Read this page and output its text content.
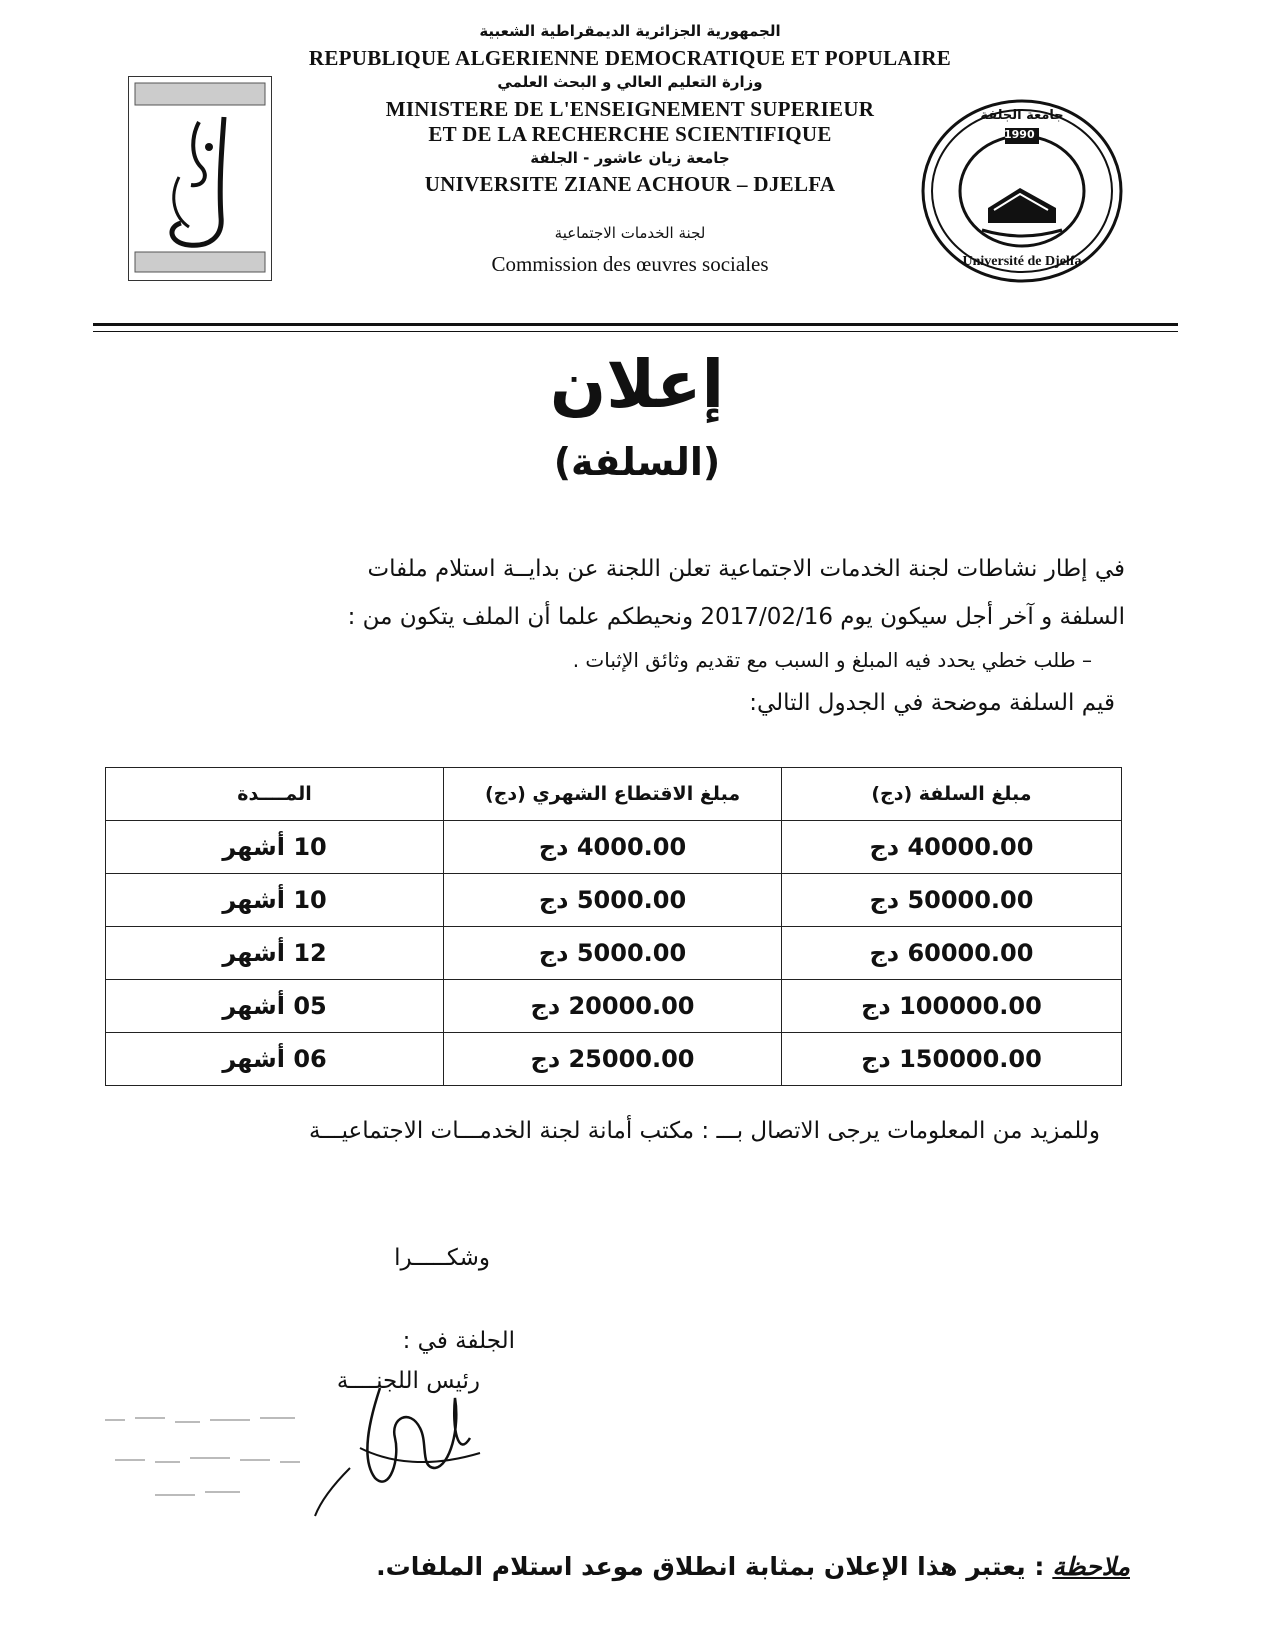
الجمهورية الجزائرية الديمقراطية الشعبية
REPUBLIQUE ALGERIENNE DEMOCRATIQUE ET POPULAIRE
وزارة التعليم العالي و البحث العلمي
MINISTERE DE L'ENSEIGNEMENT SUPERIEUR
ET DE LA RECHERCHE SCIENTIFIQUE
جامعة زيان عاشور - الجلفة
UNIVERSITE ZIANE ACHOUR – DJELFA
لجنة الخدمات الاجتماعية
Commission des œuvres sociales
1990
جامعة الجلفة
Université de Djelfa
إعلان
(السلفة)
في إطار نشاطات لجنة الخدمات الاجتماعية تعلن اللجنة عن بدايــة استلام ملفات
السلفة و آخر أجل سيكون يوم 2017/02/16 ونحيطكم علما أن الملف يتكون من :
– طلب خطي يحدد فيه المبلغ و السبب مع تقديم وثائق الإثبات .
قيم السلفة موضحة في الجدول التالي:
مبلغ السلفة (دج)	مبلغ الاقتطاع الشهري (دج)	المــــدة
40000.00 دج	4000.00 دج	10 أشهر
50000.00 دج	5000.00 دج	10 أشهر
60000.00 دج	5000.00 دج	12 أشهر
100000.00 دج	20000.00 دج	05 أشهر
150000.00 دج	25000.00 دج	06 أشهر
وللمزيد من المعلومات يرجى الاتصال بـــ : مكتب أمانة لجنة الخدمـــات الاجتماعيـــة
وشكـــــرا
الجلفة في :
رئيس اللجنــــة
ملاحظة : يعتبر هذا الإعلان بمثابة انطلاق موعد استلام الملفات.
